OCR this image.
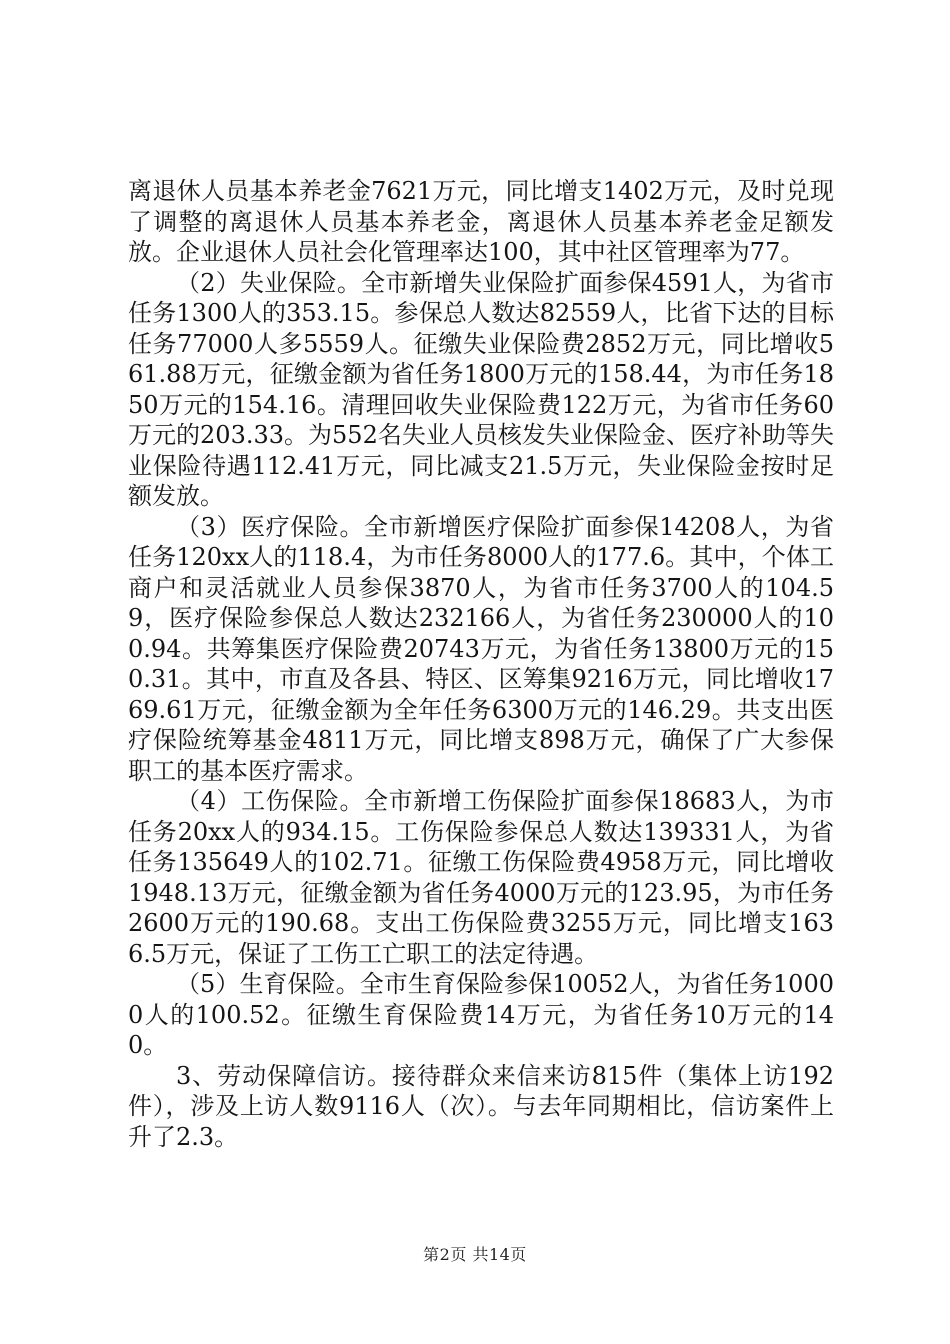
离退休人员基本养老金7621万元，同比增支1402万元，及时兑现了调整的离退休人员基本养老金，离退休人员基本养老金足额发放。企业退休人员社会化管理率达100，其中社区管理率为77。

（2）失业保险。全市新增失业保险扩面参保4591人，为省市任务1300人的353.15。参保总人数达82559人，比省下达的目标任务77000人多5559人。征缴失业保险费2852万元，同比增收561.88万元，征缴金额为省任务1800万元的158.44，为市任务1850万元的154.16。清理回收失业保险费122万元，为省市任务60万元的203.33。为552名失业人员核发失业保险金、医疗补助等失业保险待遇112.41万元，同比减支21.5万元，失业保险金按时足额发放。

（3）医疗保险。全市新增医疗保险扩面参保14208人，为省任务120xx人的118.4，为市任务8000人的177.6。其中，个体工商户和灵活就业人员参保3870人，为省市任务3700人的104.59，医疗保险参保总人数达232166人，为省任务230000人的100.94。共筹集医疗保险费20743万元，为省任务13800万元的150.31。其中，市直及各县、特区、区筹集9216万元，同比增收1769.61万元，征缴金额为全年任务6300万元的146.29。共支出医疗保险统筹基金4811万元，同比增支898万元，确保了广大参保职工的基本医疗需求。

（4）工伤保险。全市新增工伤保险扩面参保18683人，为市任务20xx人的934.15。工伤保险参保总人数达139331人，为省任务135649人的102.71。征缴工伤保险费4958万元，同比增收1948.13万元，征缴金额为省任务4000万元的123.95，为市任务2600万元的190.68。支出工伤保险费3255万元，同比增支1636.5万元，保证了工伤工亡职工的法定待遇。

（5）生育保险。全市生育保险参保10052人，为省任务10000人的100.52。征缴生育保险费14万元，为省任务10万元的140。

3、劳动保障信访。接待群众来信来访815件（集体上访192件），涉及上访人数9116人（次）。与去年同期相比，信访案件上升了2.3。

第2页 共14页
